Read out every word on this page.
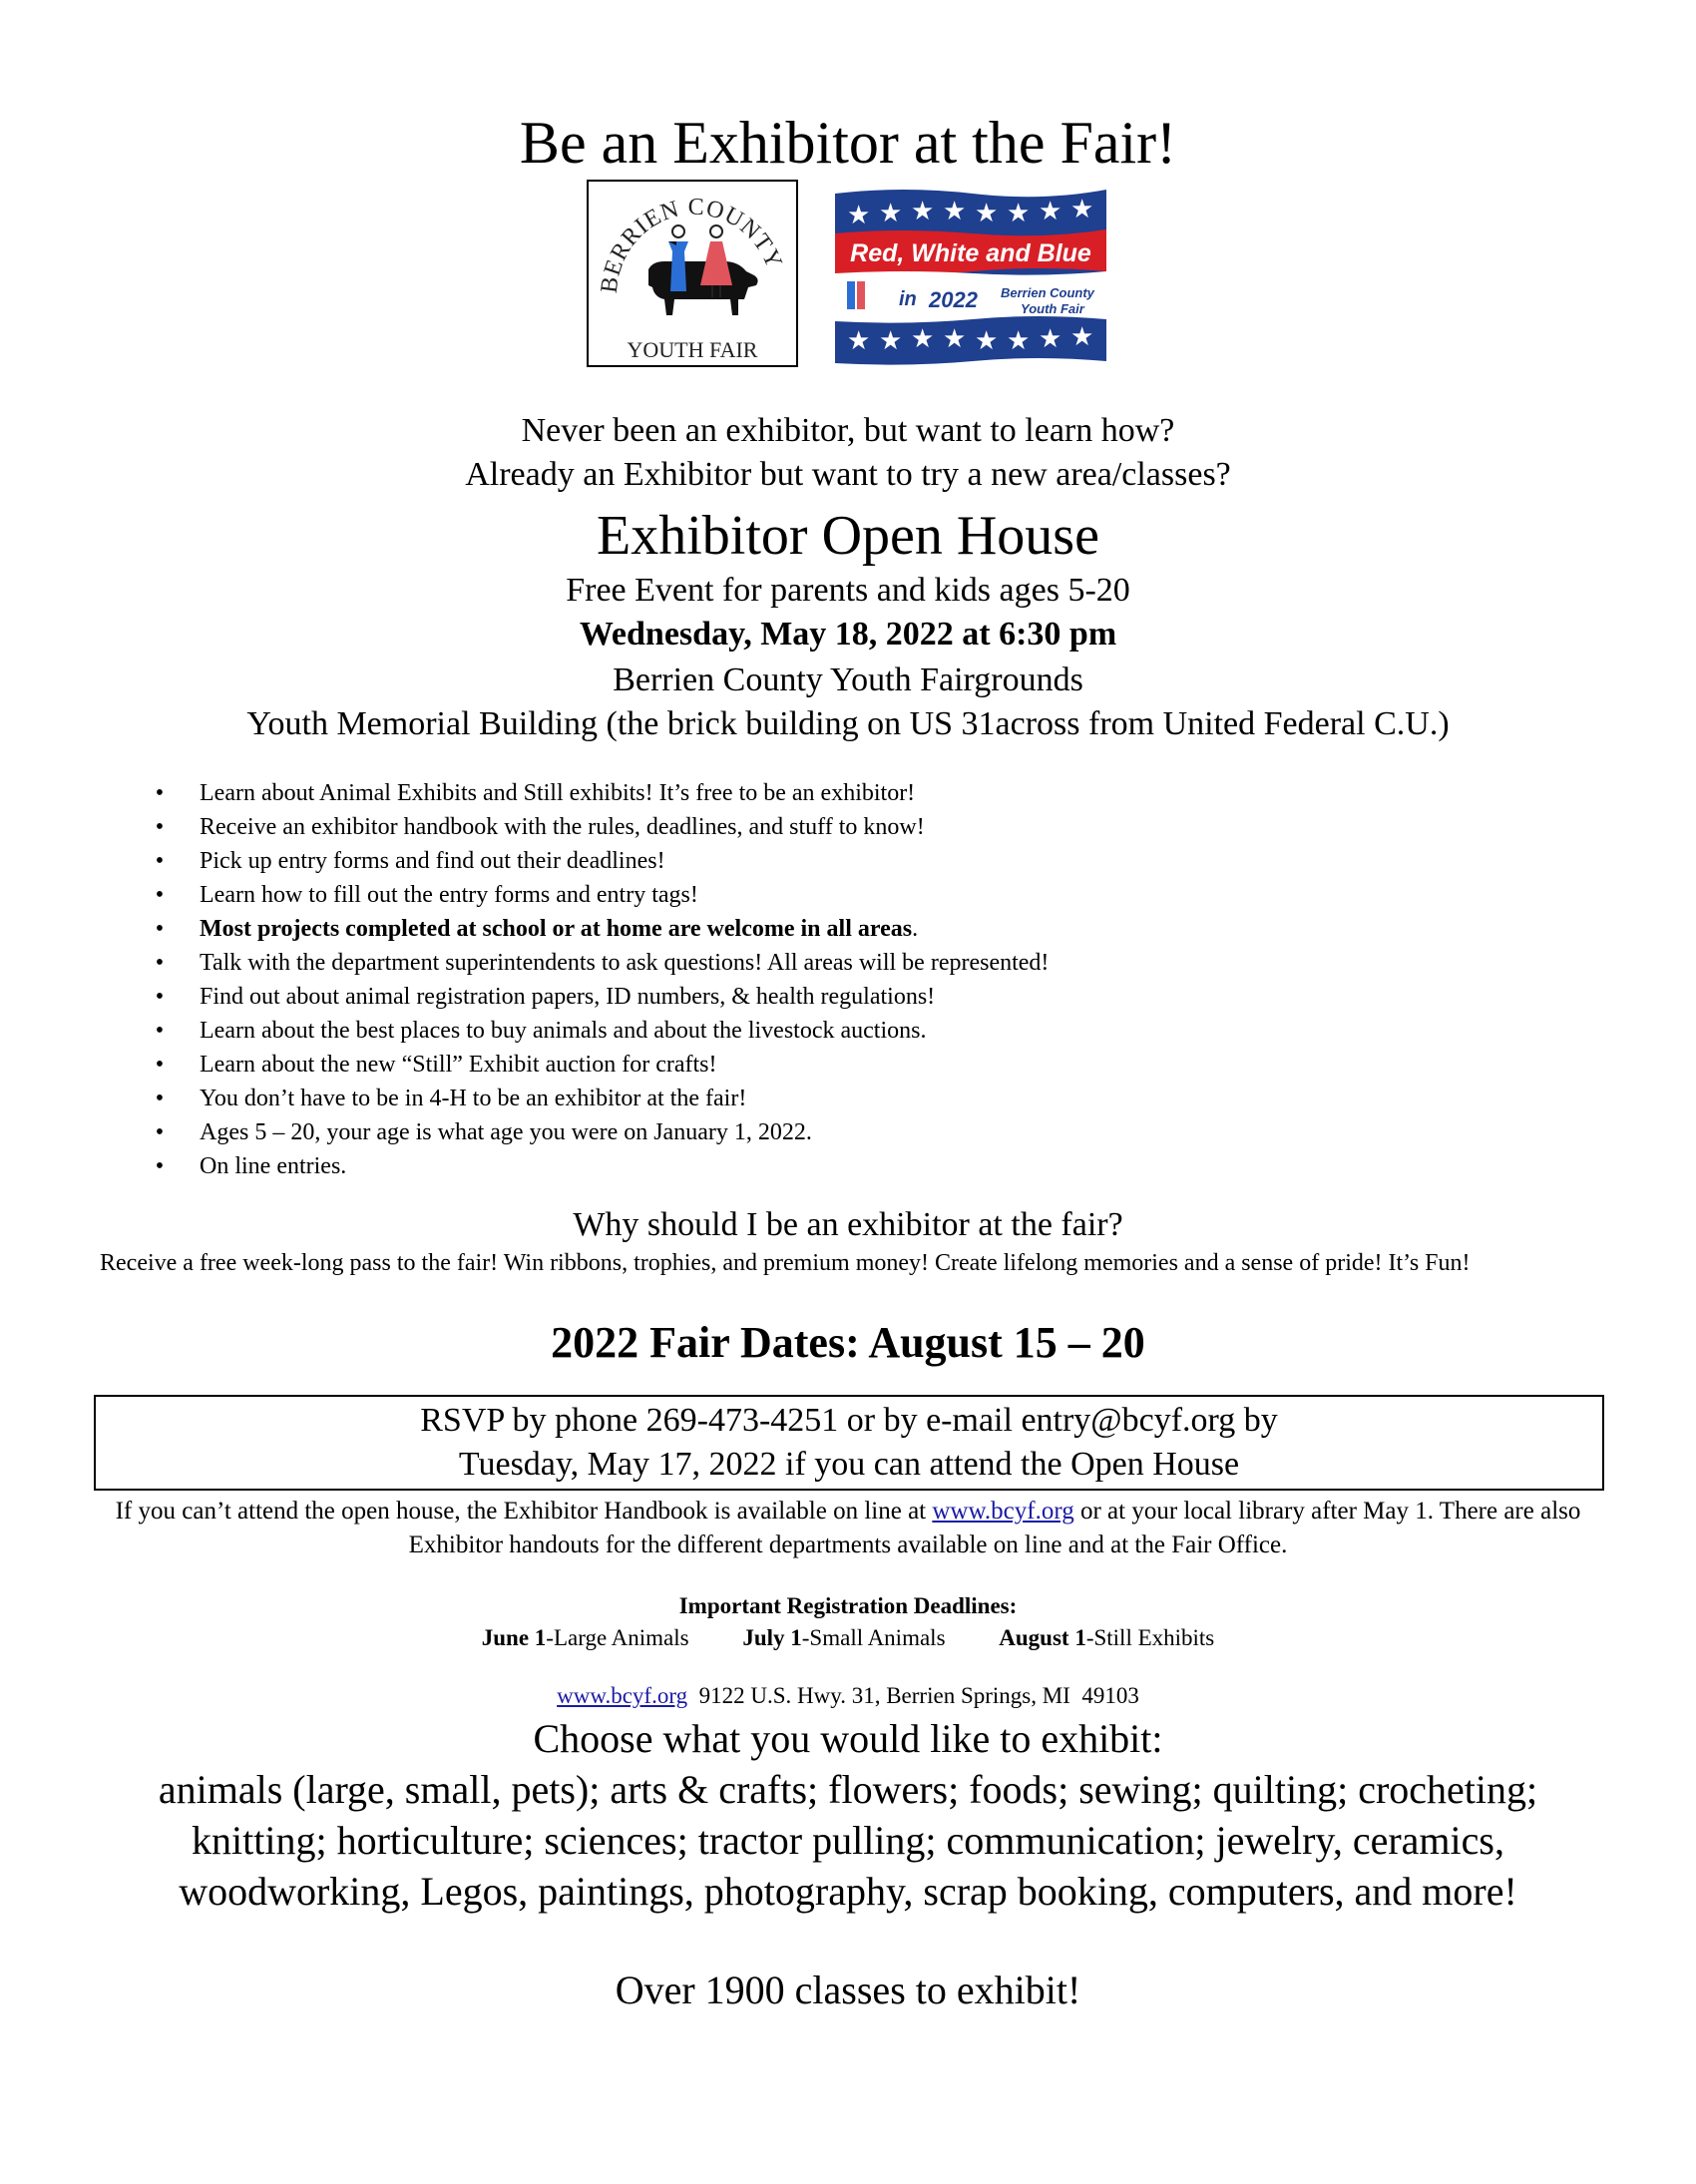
Be an Exhibitor at the Fair!
BERRIEN COUNTY
YOUTH FAIR
★ ★ ★ ★ ★ ★ ★ ★
★ ★ ★ ★ ★ ★ ★ ★
Red, White and Blue
in 2022 Berrien County
Youth Fair
Never been an exhibitor, but want to learn how?
Already an Exhibitor but want to try a new area/classes?
Exhibitor Open House
Free Event for parents and kids ages 5-20
Wednesday, May 18, 2022 at 6:30 pm
Berrien County Youth Fairgrounds
Youth Memorial Building (the brick building on US 31across from United Federal C.U.)
• Learn about Animal Exhibits and Still exhibits! It’s free to be an exhibitor!
• Receive an exhibitor handbook with the rules, deadlines, and stuff to know!
• Pick up entry forms and find out their deadlines!
• Learn how to fill out the entry forms and entry tags!
• Most projects completed at school or at home are welcome in all areas.
• Talk with the department superintendents to ask questions! All areas will be represented!
• Find out about animal registration papers, ID numbers, & health regulations!
• Learn about the best places to buy animals and about the livestock auctions.
• Learn about the new “Still” Exhibit auction for crafts!
• You don’t have to be in 4-H to be an exhibitor at the fair!
• Ages 5 – 20, your age is what age you were on January 1, 2022.
• On line entries.
Why should I be an exhibitor at the fair?
Receive a free week-long pass to the fair! Win ribbons, trophies, and premium money! Create lifelong memories and a sense of pride! It’s Fun!
2022 Fair Dates: August 15 – 20
RSVP by phone 269-473-4251 or by e-mail entry@bcyf.org by
Tuesday, May 17, 2022 if you can attend the Open House
If you can’t attend the open house, the Exhibitor Handbook is available on line at www.bcyf.org or at your local library after May 1. There are also Exhibitor handouts for the different departments available on line and at the Fair Office.
Important Registration Deadlines:
June 1-Large Animals July 1-Small Animals August 1-Still Exhibits
www.bcyf.org  9122 U.S. Hwy. 31, Berrien Springs, MI  49103
Choose what you would like to exhibit:
animals (large, small, pets); arts & crafts; flowers; foods; sewing; quilting; crocheting; knitting; horticulture; sciences; tractor pulling; communication; jewelry, ceramics, woodworking, Legos, paintings, photography, scrap booking, computers, and more!
Over 1900 classes to exhibit!
